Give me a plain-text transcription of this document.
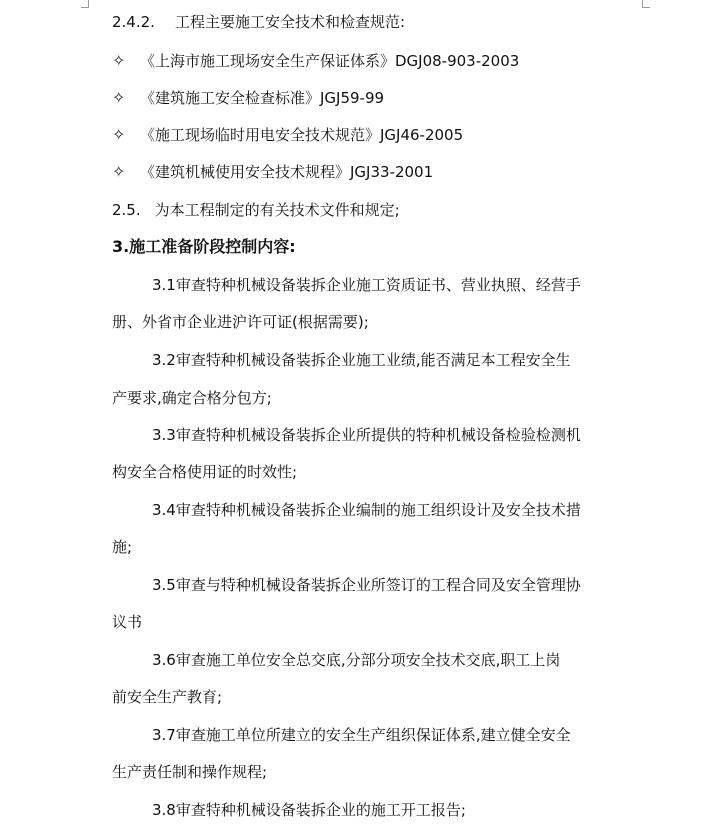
2.4.2. 工程主要施工安全技术和检查规范:
✧ 《上海市施工现场安全生产保证体系》DGJ08-903-2003
✧ 《建筑施工安全检查标准》JGJ59-99
✧ 《施工现场临时用电安全技术规范》JGJ46-2005
✧ 《建筑机械使用安全技术规程》JGJ33-2001
2.5. 为本工程制定的有关技术文件和规定;
3.施工准备阶段控制内容:
3.1审查特种机械设备装拆企业施工资质证书、营业执照、经营手
册、外省市企业进沪许可证(根据需要);
3.2审查特种机械设备装拆企业施工业绩,能否满足本工程安全生
产要求,确定合格分包方;
3.3审查特种机械设备装拆企业所提供的特种机械设备检验检测机
构安全合格使用证的时效性;
3.4审查特种机械设备装拆企业编制的施工组织设计及安全技术措
施;
3.5审查与特种机械设备装拆企业所签订的工程合同及安全管理协
议书
3.6审查施工单位安全总交底,分部分项安全技术交底,职工上岗
前安全生产教育;
3.7审查施工单位所建立的安全生产组织保证体系,建立健全安全
生产责任制和操作规程;
3.8审查特种机械设备装拆企业的施工开工报告;
